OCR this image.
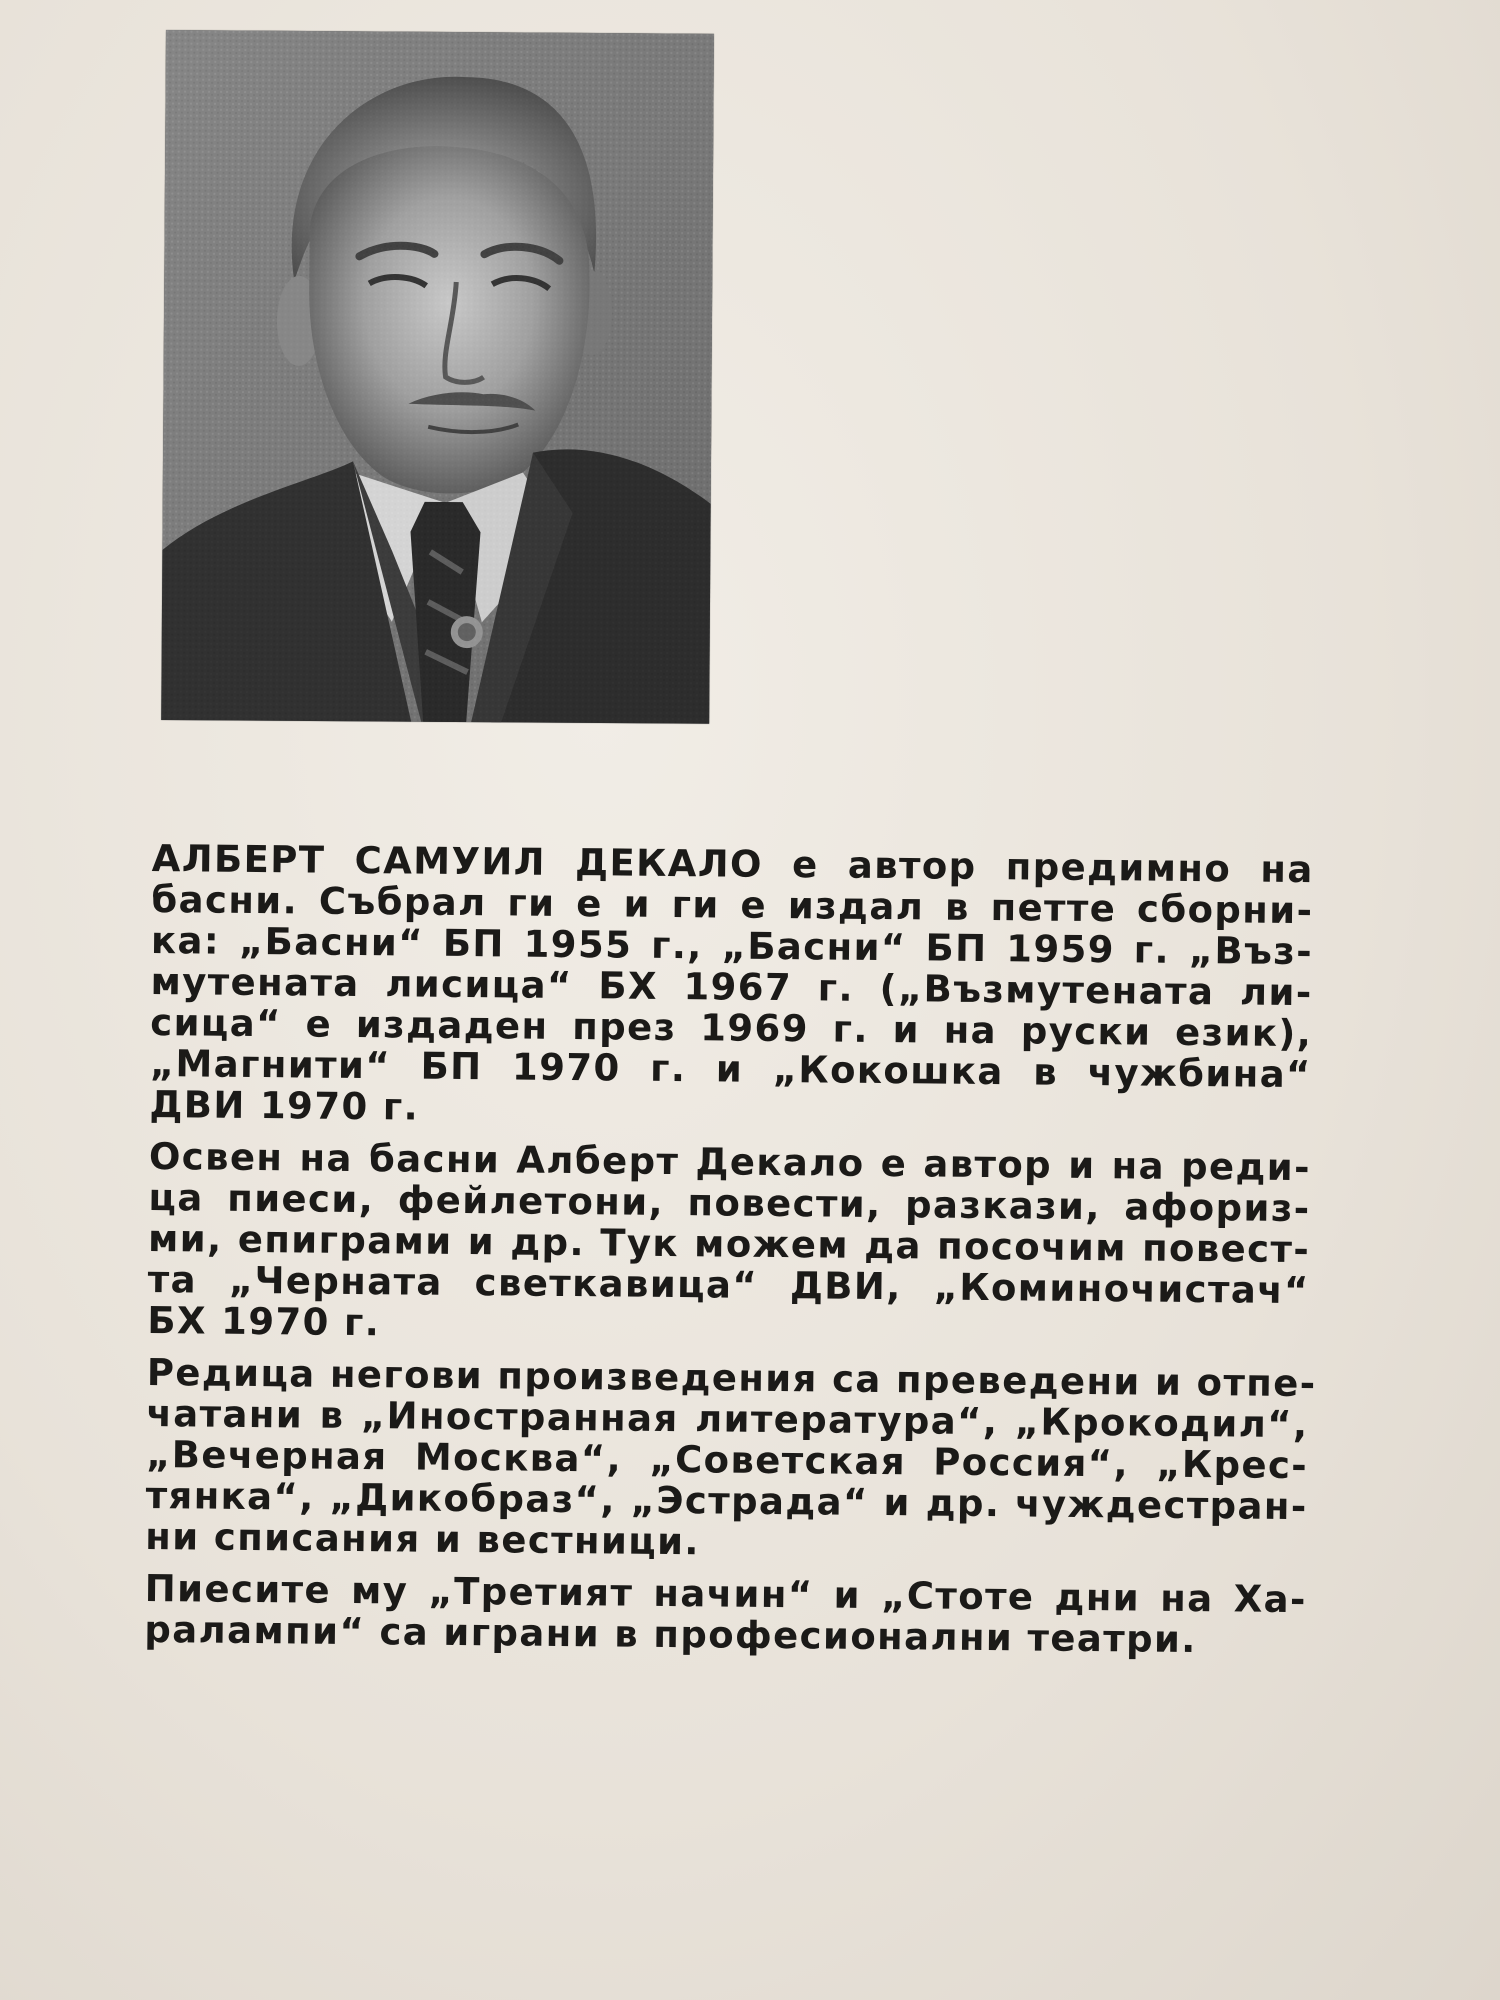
АЛБЕРТ САМУИЛ ДЕКАЛО е автор предимно на
басни. Събрал ги е и ги е издал в петте сборни-
ка: „Басни“ БП 1955 г., „Басни“ БП 1959 г. „Въз-
мутената лисица“ БХ 1967 г. („Възмутената ли-
сица“ е издаден през 1969 г. и на руски език),
„Магнити“ БП 1970 г. и „Кокошка в чужбина“
ДВИ 1970 г.
Освен на басни Алберт Декало е автор и на реди-
ца пиеси, фейлетони, повести, разкази, афориз-
ми, епиграми и др. Тук можем да посочим повест-
та „Черната светкавица“ ДВИ, „Коминочистач“
БХ 1970 г.
Редица негови произведения са преведени и отпе-
чатани в „Иностранная литература“, „Крокодил“,
„Вечерная Москва“, „Советская Россия“, „Крес-
тянка“, „Дикобраз“, „Эстрада“ и др. чуждестран-
ни списания и вестници.
Пиесите му „Третият начин“ и „Стоте дни на Ха-
ралампи“ са играни в професионални театри.
